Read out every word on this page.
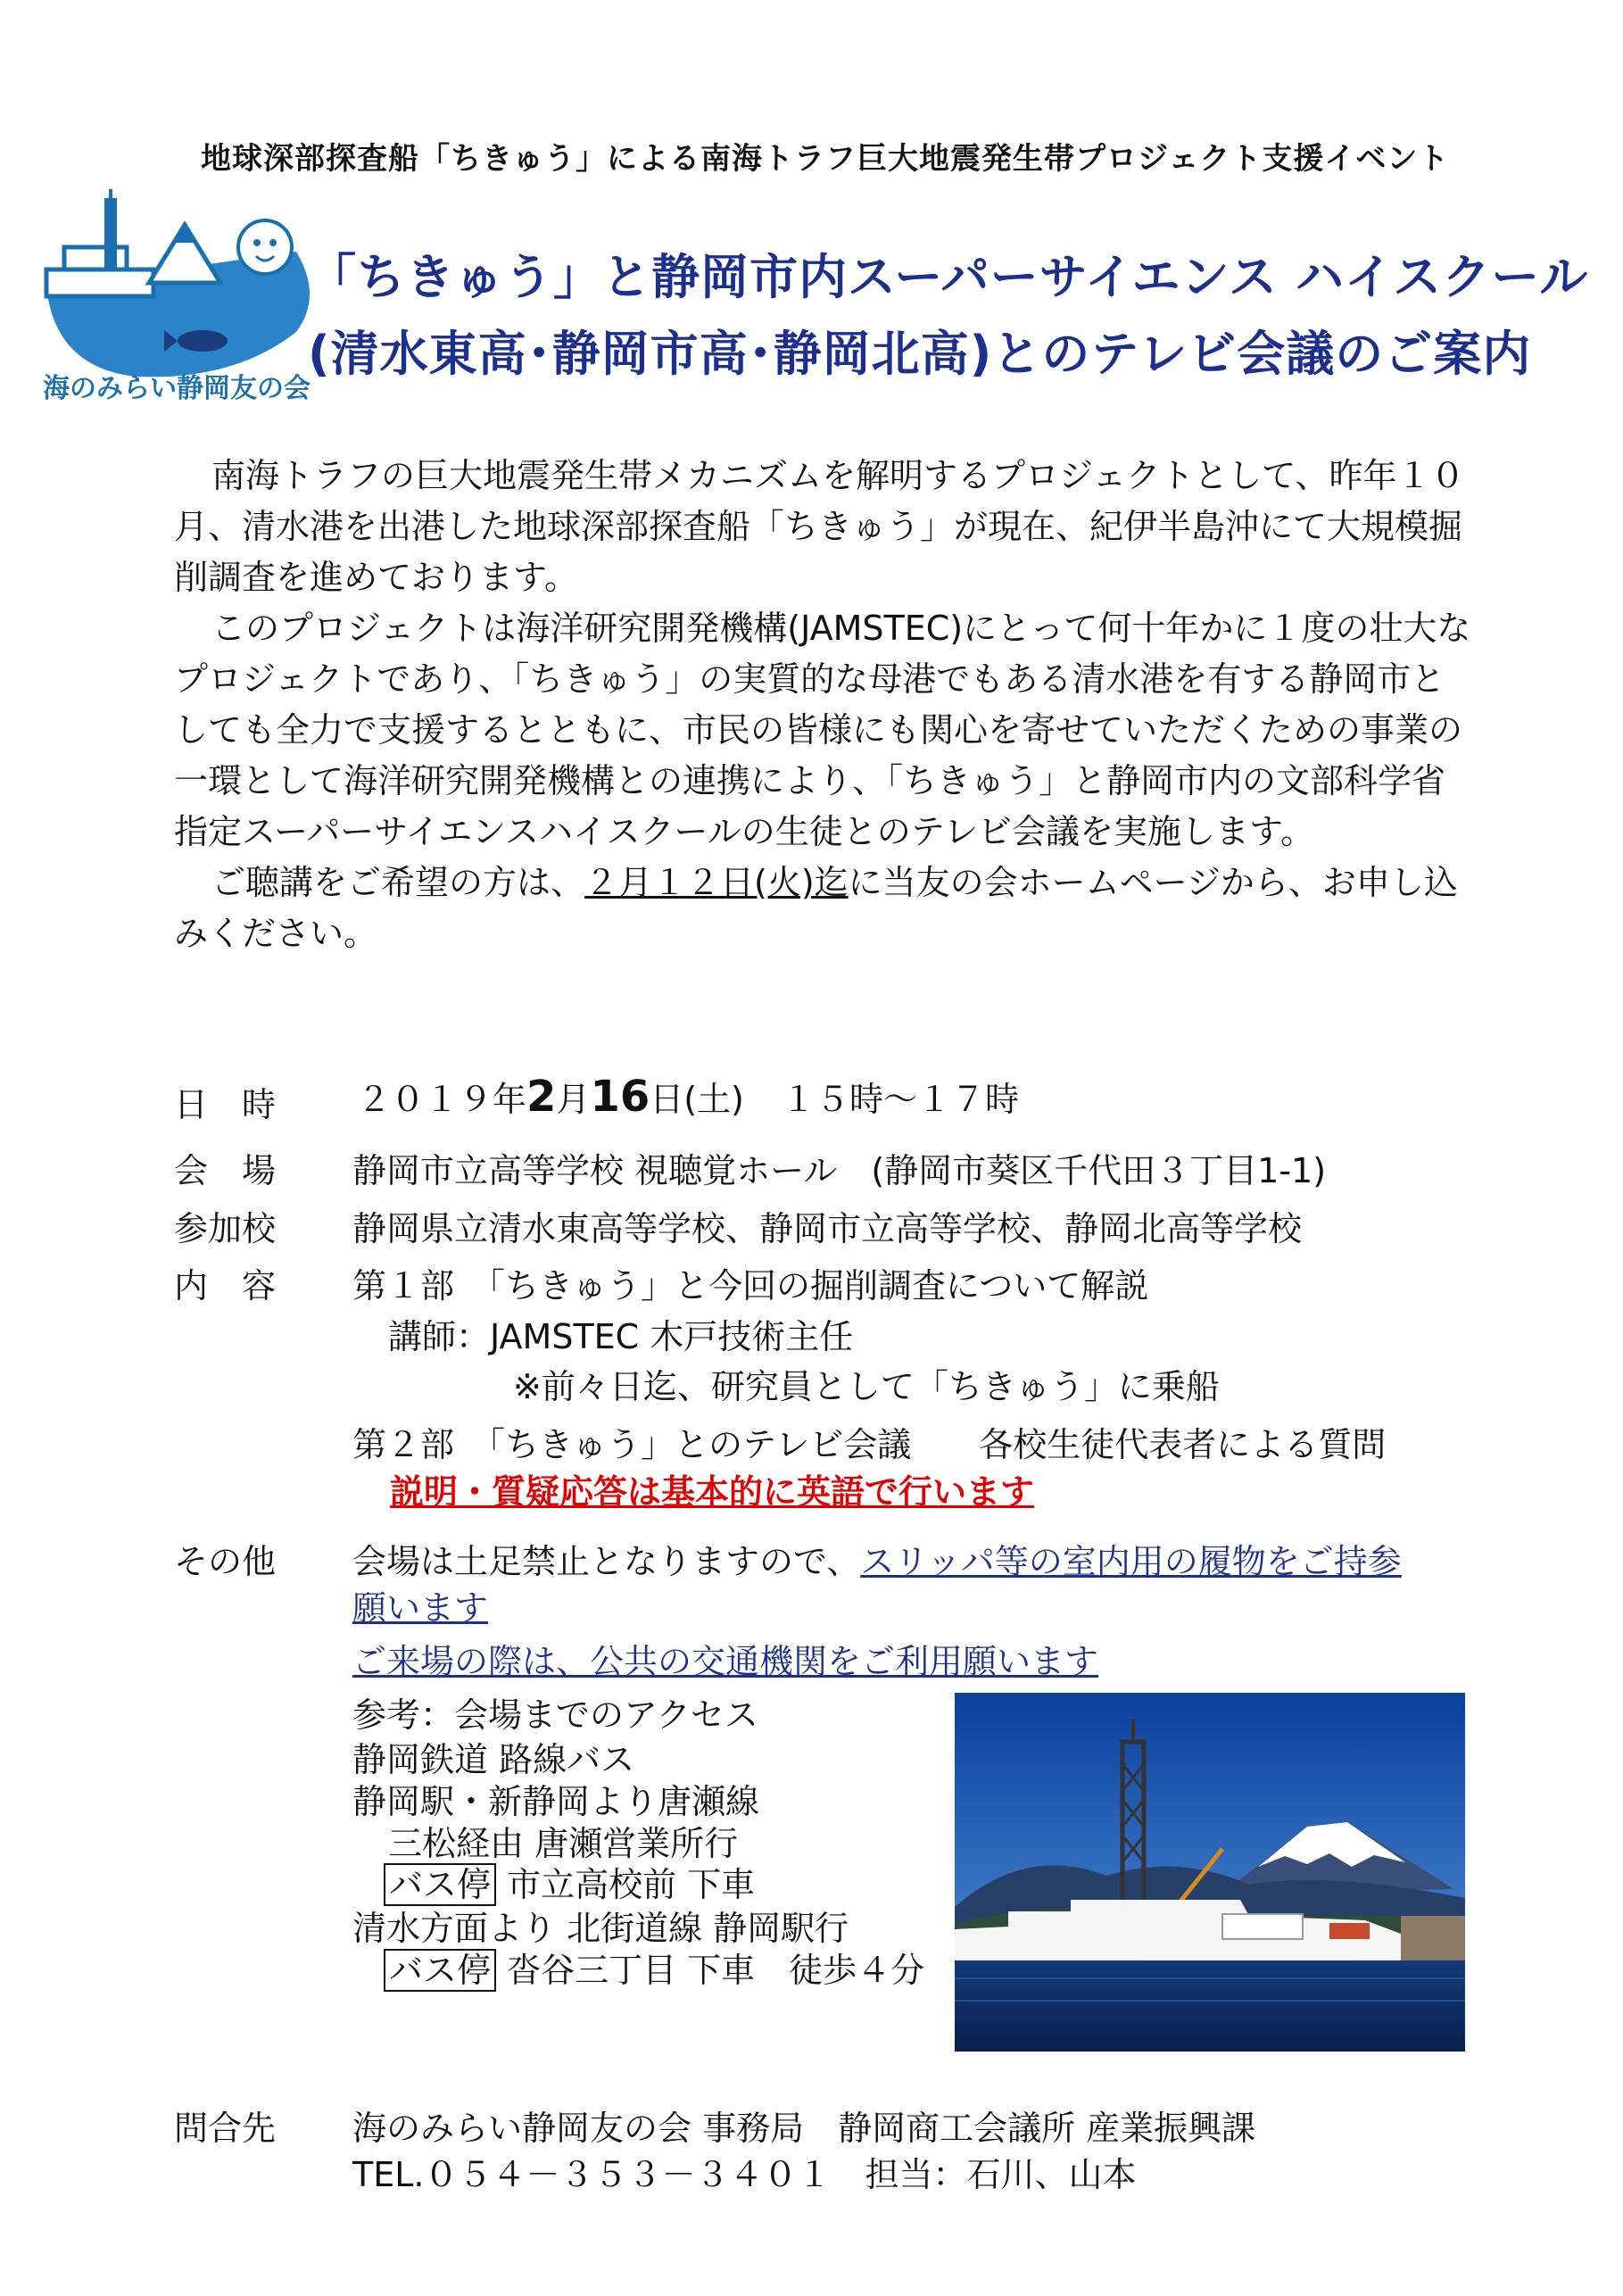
地球深部探査船「ちきゅう」による南海トラフ巨大地震発生帯プロジェクト支援イベント
海のみらい静岡友の会
「ちきゅう」と静岡市内スーパーサイエンス ハイスクール
(清水東高･静岡市高･静岡北高)とのテレビ会議のご案内

南海トラフの巨大地震発生帯メカニズムを解明するプロジェクトとして、昨年１０月、清水港を出港した地球深部探査船「ちきゅう」が現在、紀伊半島沖にて大規模掘削調査を進めております。

このプロジェクトは海洋研究開発機構(JAMSTEC)にとって何十年かに１度の壮大なプロジェクトであり、「ちきゅう」の実質的な母港でもある清水港を有する静岡市としても全力で支援するとともに、市民の皆様にも関心を寄せていただくための事業の一環として海洋研究開発機構との連携により、「ちきゅう」と静岡市内の文部科学省指定スーパーサイエンスハイスクールの生徒とのテレビ会議を実施します。

ご聴講をご希望の方は、２月１２日(火)迄に当友の会ホームページから、お申し込みください。

日　時 ２０１９年2月16日(土) １５時～１７時
会　場 静岡市立高等学校 視聴覚ホール　(静岡市葵区千代田３丁目1-1)
参加校 静岡県立清水東高等学校、静岡市立高等学校、静岡北高等学校
内　容 第１部　「ちきゅう」と今回の掘削調査について解説
講師：JAMSTEC 木戸技術主任
※前々日迄、研究員として「ちきゅう」に乗船
第２部　「ちきゅう」とのテレビ会議　　各校生徒代表者による質問
説明・質疑応答は基本的に英語で行います
その他 会場は土足禁止となりますので、スリッパ等の室内用の履物をご持参
願います
ご来場の際は、公共の交通機関をご利用願います
参考：会場までのアクセス
静岡鉄道 路線バス
静岡駅・新静岡より唐瀬線
三松経由 唐瀬営業所行
バス停 市立高校前 下車
清水方面より 北街道線 静岡駅行
バス停 沓谷三丁目 下車　徒歩４分
問合先 海のみらい静岡友の会 事務局　静岡商工会議所 産業振興課
TEL.０５４－３５３－３４０１　担当：石川、山本
